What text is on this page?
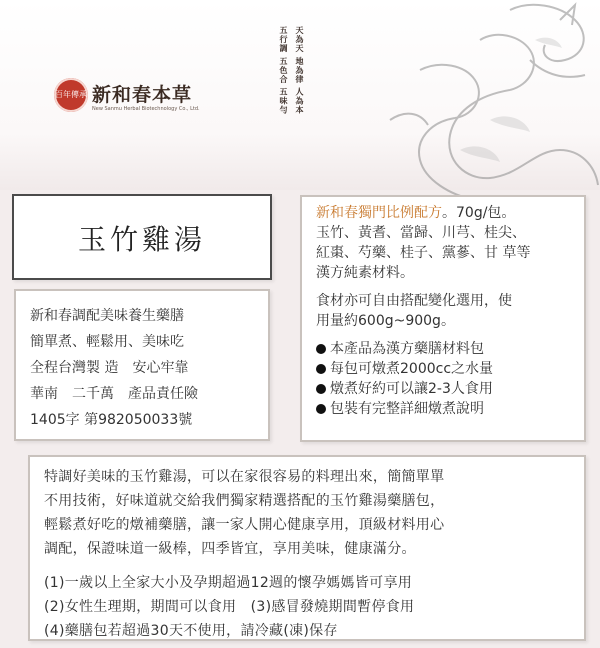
百年傳承 新和春本草
New Sanmu Herbal Biotechnology Co., Ltd.
天為天 地為律 人為本
五行調 五色合 五味勻
玉竹雞湯
新和春調配美味養生藥膳
簡單煮、輕鬆用、美味吃
全程台灣製 造　安心牢靠
華南　二千萬　產品責任險
1405字 第982050033號
新和春獨門比例配方。70g/包。
玉竹、黃耆、當歸、川芎、桂尖、
紅棗、芍藥、桂子、黨蔘、甘 草等
漢方純素材料。
食材亦可自由搭配變化選用，使
用量約600g~900g。
本產品為漢方藥膳材料包
每包可燉煮2000cc之水量
燉煮好約可以讓2-3人食用
包裝有完整詳細燉煮說明
特調好美味的玉竹雞湯，可以在家很容易的料理出來，簡簡單單
不用技術，好味道就交給我們獨家精選搭配的玉竹雞湯藥膳包，
輕鬆煮好吃的燉補藥膳，讓一家人開心健康享用，頂級材料用心
調配，保證味道一級棒，四季皆宜，享用美味，健康滿分。
(1)一歲以上全家大小及孕期超過12週的懷孕媽媽皆可享用
(2)女性生理期，期間可以食用　(3)感冒發燒期間暫停食用
(4)藥膳包若超過30天不使用，請冷藏(凍)保存
